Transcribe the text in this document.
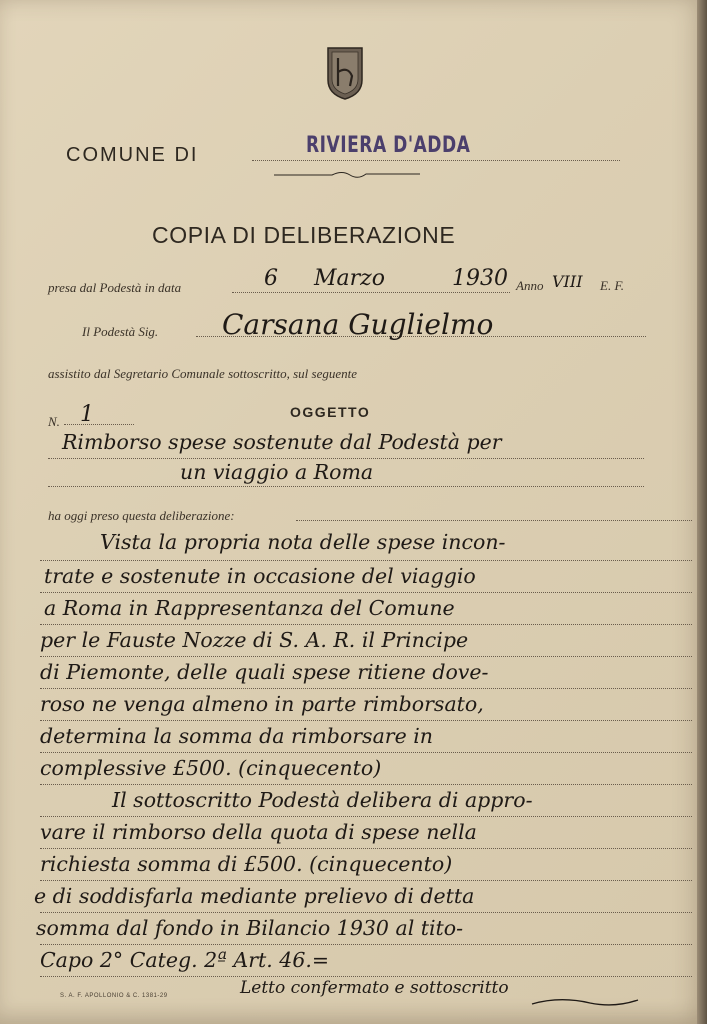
COMUNE DI	RIVIERA D'ADDA
COPIA DI DELIBERAZIONE
presa dal Podestà in data	6 Marzo	1930 Anno VIII E. F.
Il Podestà Sig. Carsana Guglielmo
assistito dal Segretario Comunale sottoscritto, sul seguente
N. 1	OGGETTO
Rimborso spese sostenute dal Podestà per
un viaggio a Roma
ha oggi preso questa deliberazione:
Vista la propria nota delle spese incon-
trate e sostenute in occasione del viaggio
a Roma in Rappresentanza del Comune
per le Fauste Nozze di S. A. R. il Principe
di Piemonte, delle quali spese ritiene dove-
roso ne venga almeno in parte rimborsato,
determina la somma da rimborsare in
complessive £500. (cinquecento)
Il sottoscritto Podestà delibera di appro-
vare il rimborso della quota di spese nella
richiesta somma di £500. (cinquecento)
e di soddisfarla mediante prelievo di detta
somma dal fondo in Bilancio 1930 al tito-
Capo 2° Categ. 2ª Art. 46.=
Letto confermato e sottoscritto
S. A. F. APOLLONIO & C. 1381-29
